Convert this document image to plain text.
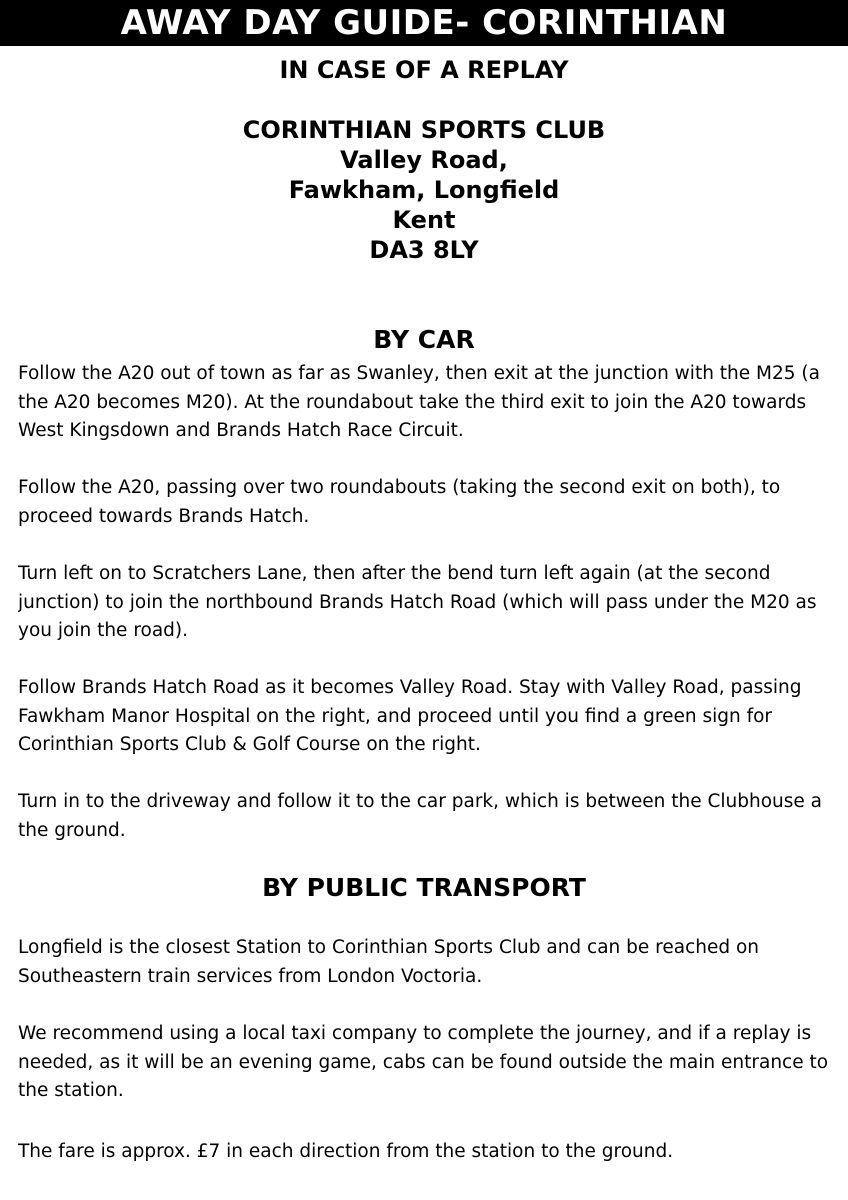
AWAY DAY GUIDE- CORINTHIAN
IN CASE OF A REPLAY
CORINTHIAN SPORTS CLUB
Valley Road,
Fawkham, Longfield
Kent
DA3 8LY
BY CAR
Follow the A20 out of town as far as Swanley, then exit at the junction with the M25 (a
the A20 becomes M20). At the roundabout take the third exit to join the A20 towards
West Kingsdown and Brands Hatch Race Circuit.
Follow the A20, passing over two roundabouts (taking the second exit on both), to
proceed towards Brands Hatch.
Turn left on to Scratchers Lane, then after the bend turn left again (at the second
junction) to join the northbound Brands Hatch Road (which will pass under the M20 as
you join the road).
Follow Brands Hatch Road as it becomes Valley Road. Stay with Valley Road, passing
Fawkham Manor Hospital on the right, and proceed until you find a green sign for
Corinthian Sports Club & Golf Course on the right.
Turn in to the driveway and follow it to the car park, which is between the Clubhouse a
the ground.
BY PUBLIC TRANSPORT
Longfield is the closest Station to Corinthian Sports Club and can be reached on
Southeastern train services from London Voctoria.
We recommend using a local taxi company to complete the journey, and if a replay is
needed, as it will be an evening game, cabs can be found outside the main entrance to
the station.
The fare is approx. £7 in each direction from the station to the ground.
